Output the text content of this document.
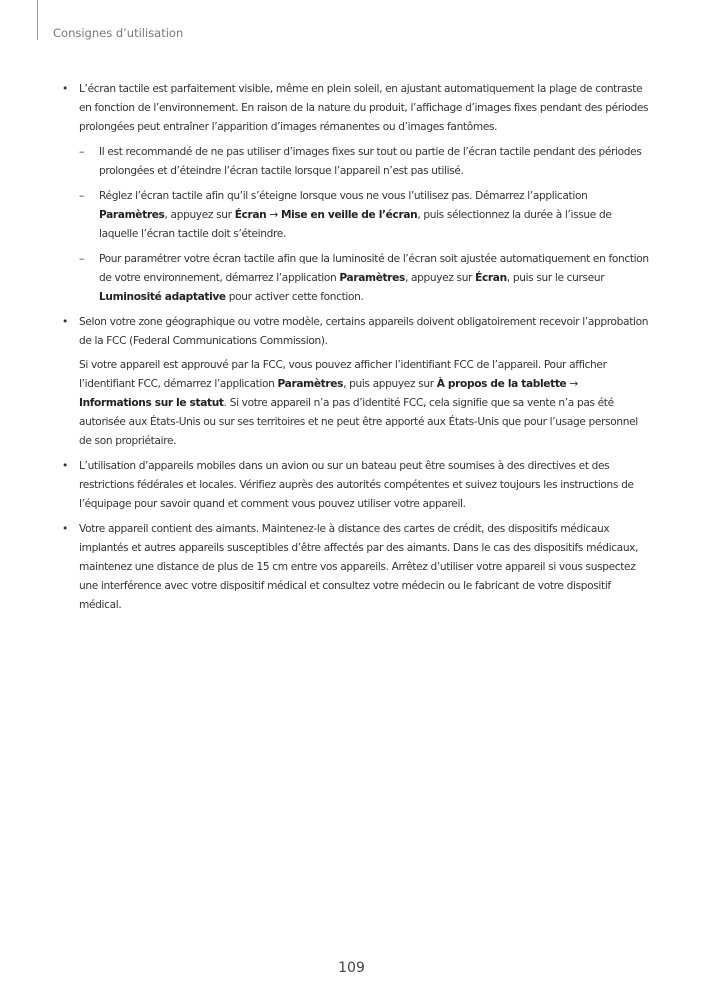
Consignes d’utilisation

• L’écran tactile est parfaitement visible, même en plein soleil, en ajustant automatiquement la plage de contraste en fonction de l’environnement. En raison de la nature du produit, l’affichage d’images fixes pendant des périodes prolongées peut entraîner l’apparition d’images rémanentes ou d’images fantômes.

– Il est recommandé de ne pas utiliser d’images fixes sur tout ou partie de l’écran tactile pendant des périodes prolongées et d’éteindre l’écran tactile lorsque l’appareil n’est pas utilisé.
– Réglez l’écran tactile afin qu’il s’éteigne lorsque vous ne vous l’utilisez pas. Démarrez l’application Paramètres, appuyez sur Écran → Mise en veille de l’écran, puis sélectionnez la durée à l’issue de laquelle l’écran tactile doit s’éteindre.
– Pour paramétrer votre écran tactile afin que la luminosité de l’écran soit ajustée automatiquement en fonction de votre environnement, démarrez l’application Paramètres, appuyez sur Écran, puis sur le curseur Luminosité adaptative pour activer cette fonction.

• Selon votre zone géographique ou votre modèle, certains appareils doivent obligatoirement recevoir l’approbation de la FCC (Federal Communications Commission).

Si votre appareil est approuvé par la FCC, vous pouvez afficher l’identifiant FCC de l’appareil. Pour afficher l’identifiant FCC, démarrez l’application Paramètres, puis appuyez sur À propos de la tablette → Informations sur le statut. Si votre appareil n’a pas d’identité FCC, cela signifie que sa vente n’a pas été autorisée aux États-Unis ou sur ses territoires et ne peut être apporté aux États-Unis que pour l’usage personnel de son propriétaire.

• L’utilisation d’appareils mobiles dans un avion ou sur un bateau peut être soumises à des directives et des restrictions fédérales et locales. Vérifiez auprès des autorités compétentes et suivez toujours les instructions de l’équipage pour savoir quand et comment vous pouvez utiliser votre appareil.

• Votre appareil contient des aimants. Maintenez-le à distance des cartes de crédit, des dispositifs médicaux implantés et autres appareils susceptibles d’être affectés par des aimants. Dans le cas des dispositifs médicaux, maintenez une distance de plus de 15 cm entre vos appareils. Arrêtez d’utiliser votre appareil si vous suspectez une interférence avec votre dispositif médical et consultez votre médecin ou le fabricant de votre dispositif médical.

109
